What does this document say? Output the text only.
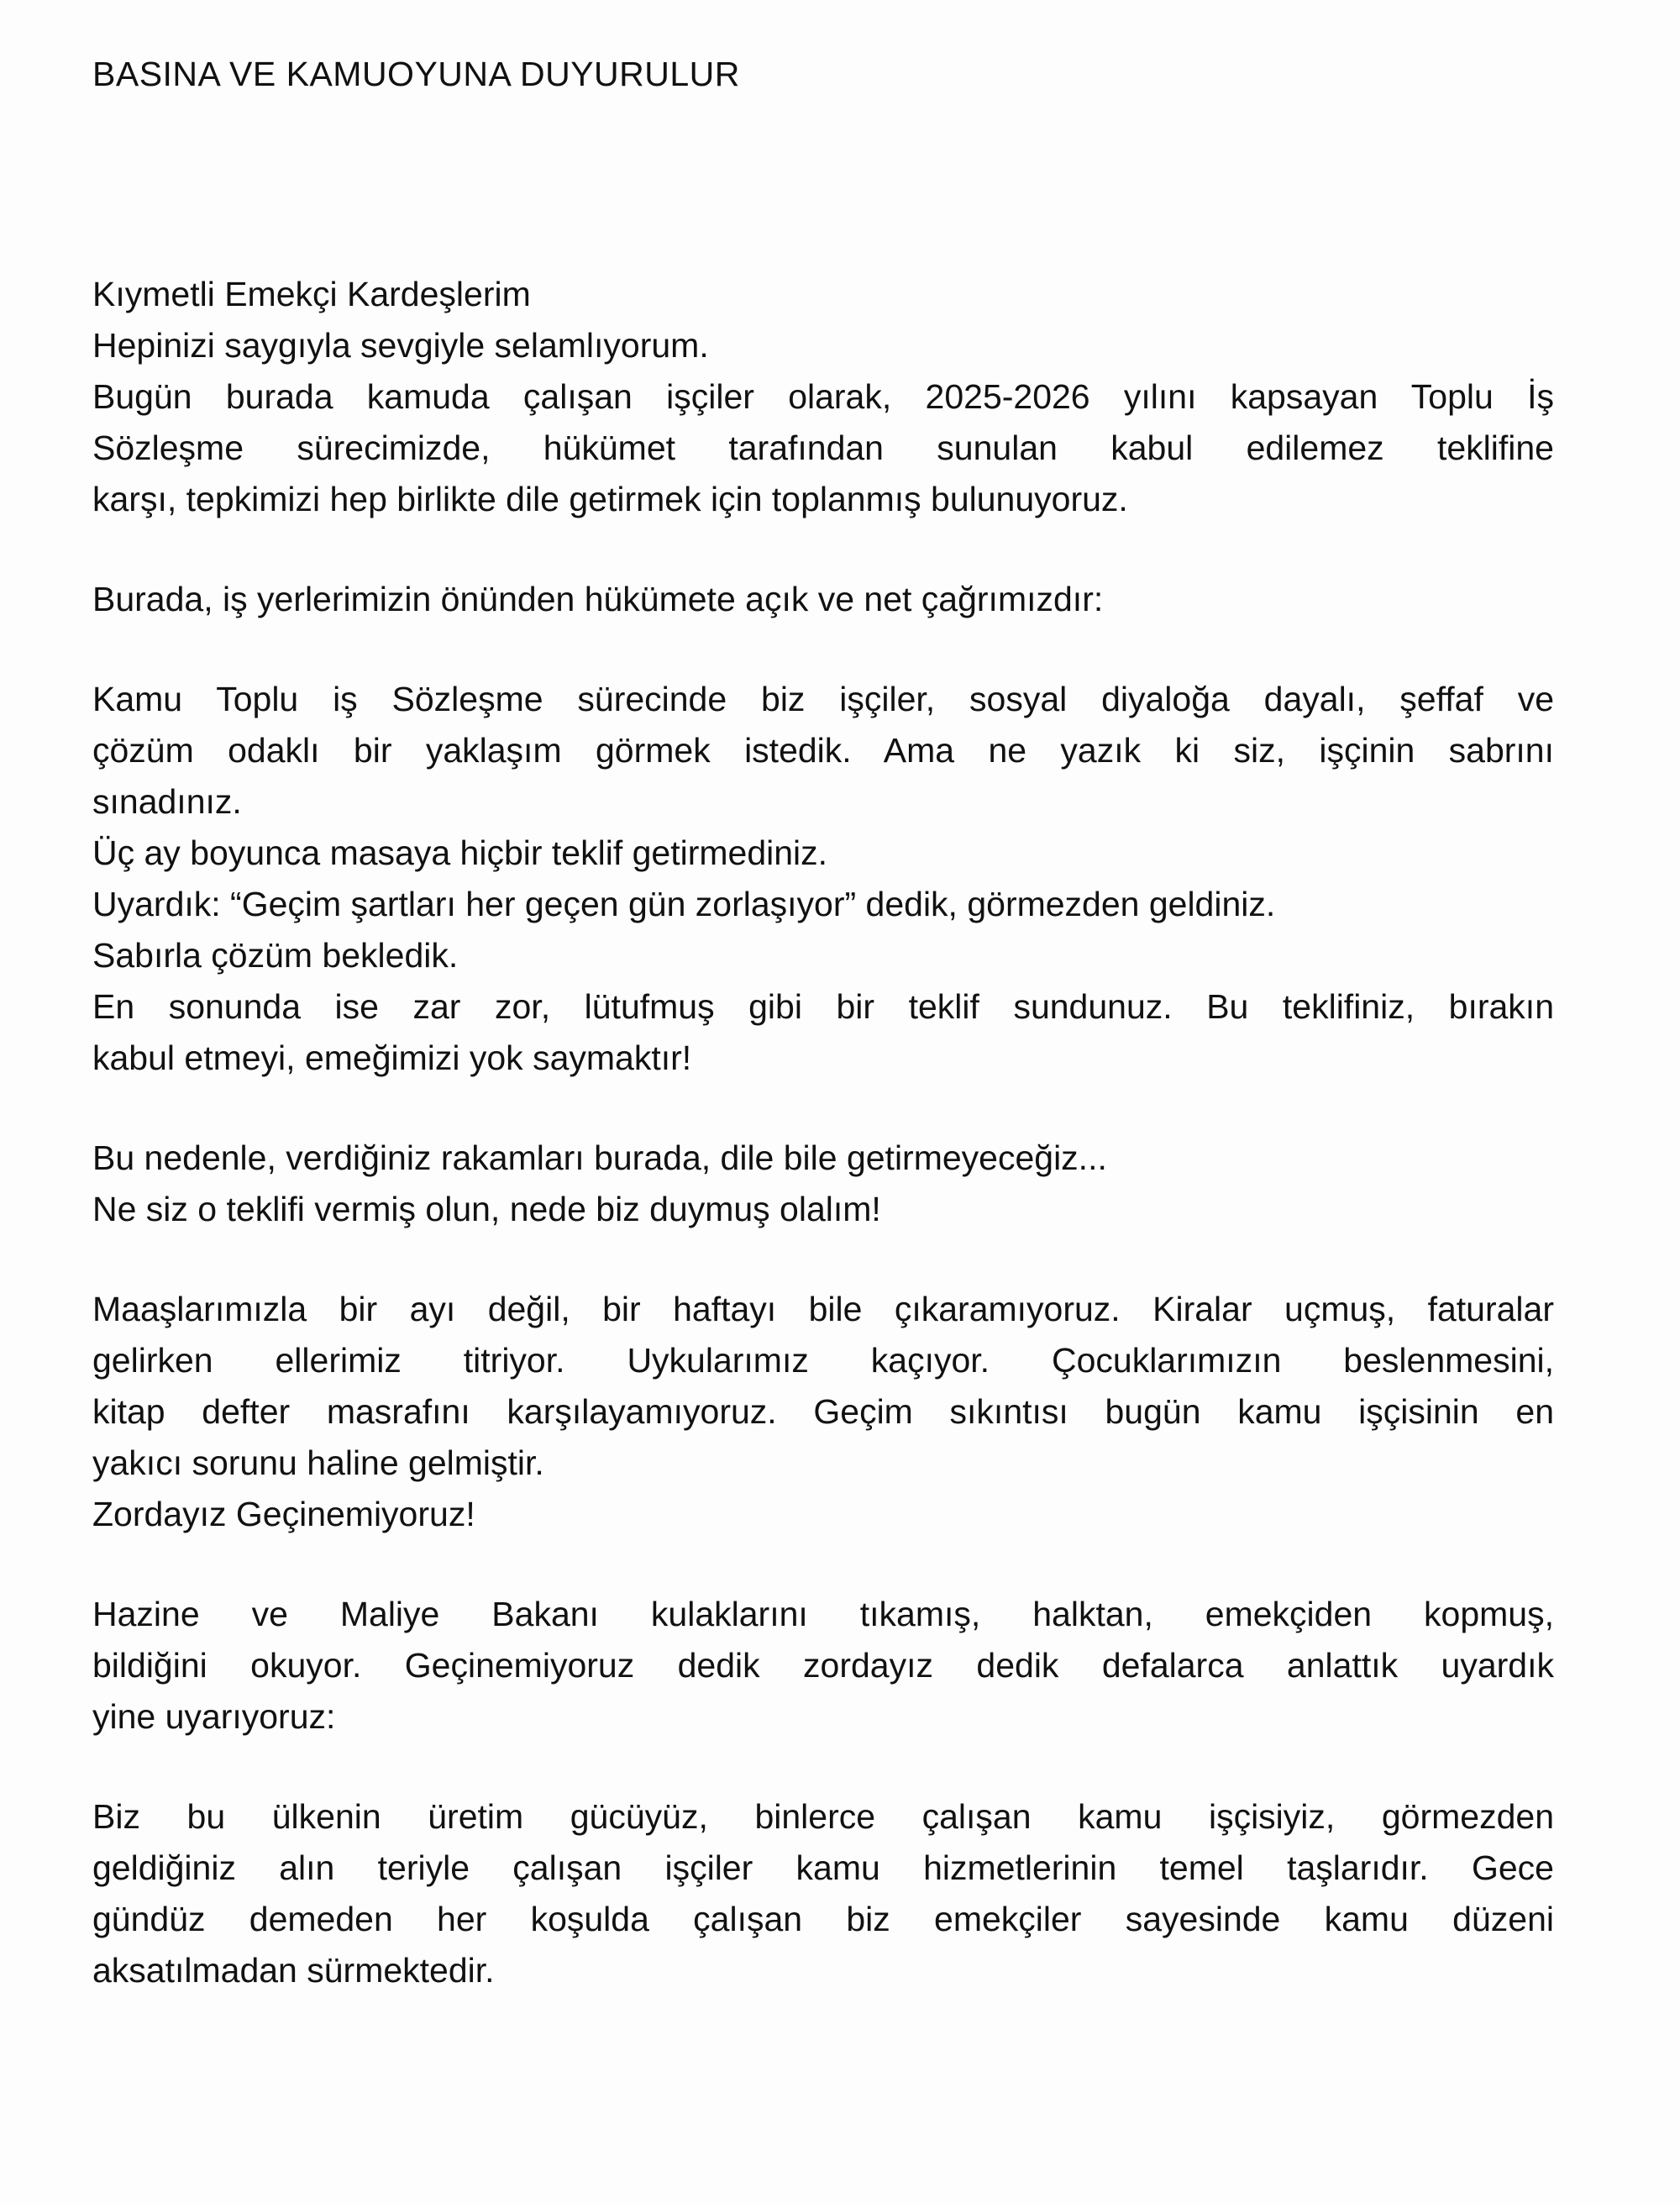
BASINA VE KAMUOYUNA DUYURULUR
Kıymetli Emekçi Kardeşlerim
Hepinizi saygıyla sevgiyle selamlıyorum.
Bugün burada kamuda çalışan işçiler olarak, 2025-2026 yılını kapsayan Toplu İş
Sözleşme sürecimizde, hükümet tarafından sunulan kabul edilemez teklifine
karşı, tepkimizi hep birlikte dile getirmek için toplanmış bulunuyoruz.
Burada, iş yerlerimizin önünden hükümete açık ve net çağrımızdır:
Kamu Toplu iş Sözleşme sürecinde biz işçiler, sosyal diyaloğa dayalı, şeffaf ve
çözüm odaklı bir yaklaşım görmek istedik. Ama ne yazık ki siz, işçinin sabrını
sınadınız.
Üç ay boyunca masaya hiçbir teklif getirmediniz.
Uyardık: “Geçim şartları her geçen gün zorlaşıyor” dedik, görmezden geldiniz.
Sabırla çözüm bekledik.
En sonunda ise zar zor, lütufmuş gibi bir teklif sundunuz. Bu teklifiniz, bırakın
kabul etmeyi, emeğimizi yok saymaktır!
Bu nedenle, verdiğiniz rakamları burada, dile bile getirmeyeceğiz...
Ne siz o teklifi vermiş olun, nede biz duymuş olalım!
Maaşlarımızla bir ayı değil, bir haftayı bile çıkaramıyoruz. Kiralar uçmuş, faturalar
gelirken ellerimiz titriyor. Uykularımız kaçıyor. Çocuklarımızın beslenmesini,
kitap defter masrafını karşılayamıyoruz. Geçim sıkıntısı bugün kamu işçisinin en
yakıcı sorunu haline gelmiştir.
Zordayız Geçinemiyoruz!
Hazine ve Maliye Bakanı kulaklarını tıkamış, halktan, emekçiden kopmuş,
bildiğini okuyor. Geçinemiyoruz dedik zordayız dedik defalarca anlattık uyardık
yine uyarıyoruz:
Biz bu ülkenin üretim gücüyüz, binlerce çalışan kamu işçisiyiz, görmezden
geldiğiniz alın teriyle çalışan işçiler kamu hizmetlerinin temel taşlarıdır. Gece
gündüz demeden her koşulda çalışan biz emekçiler sayesinde kamu düzeni
aksatılmadan sürmektedir.
